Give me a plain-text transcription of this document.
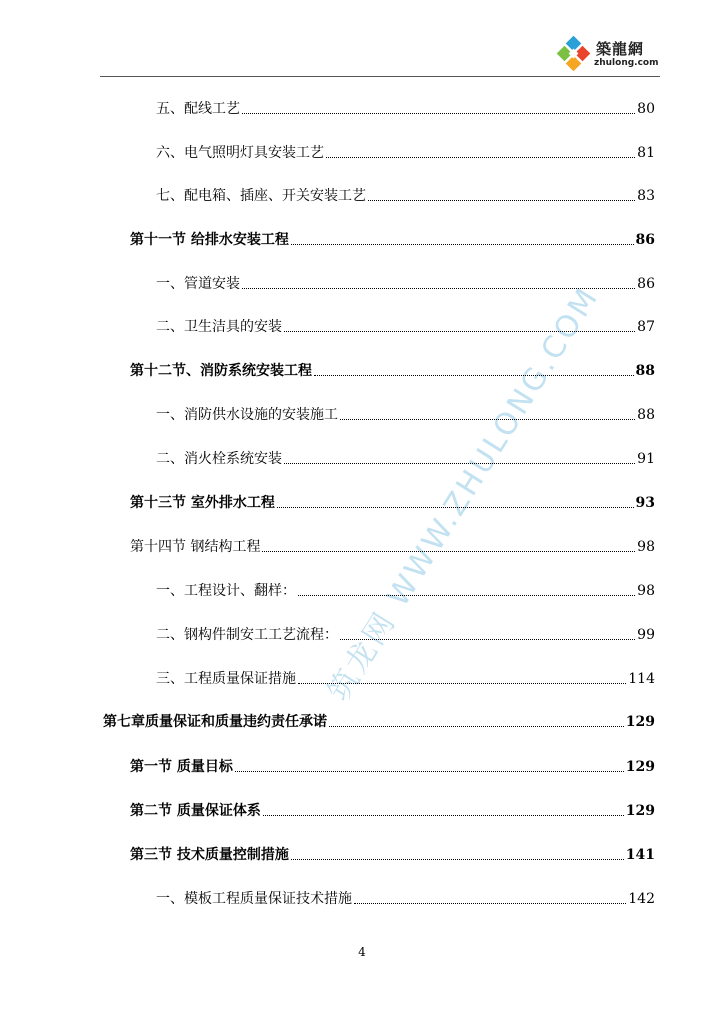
築龍網
zhulong.com
筑龙网 WWW.ZHULONG.COM
五、配线工艺	80
六、电气照明灯具安装工艺	81
七、配电箱、插座、开关安装工艺	83
第十一节 给排水安装工程	86
一、管道安装	86
二、卫生洁具的安装	87
第十二节、消防系统安装工程	88
一、消防供水设施的安装施工	88
二、消火栓系统安装	91
第十三节 室外排水工程	93
第十四节 钢结构工程	98
一、工程设计、翻样：	98
二、钢构件制安工工艺流程：	99
三、工程质量保证措施	114
第七章质量保证和质量违约责任承诺	129
第一节 质量目标	129
第二节 质量保证体系	129
第三节 技术质量控制措施	141
一、模板工程质量保证技术措施	142
4
